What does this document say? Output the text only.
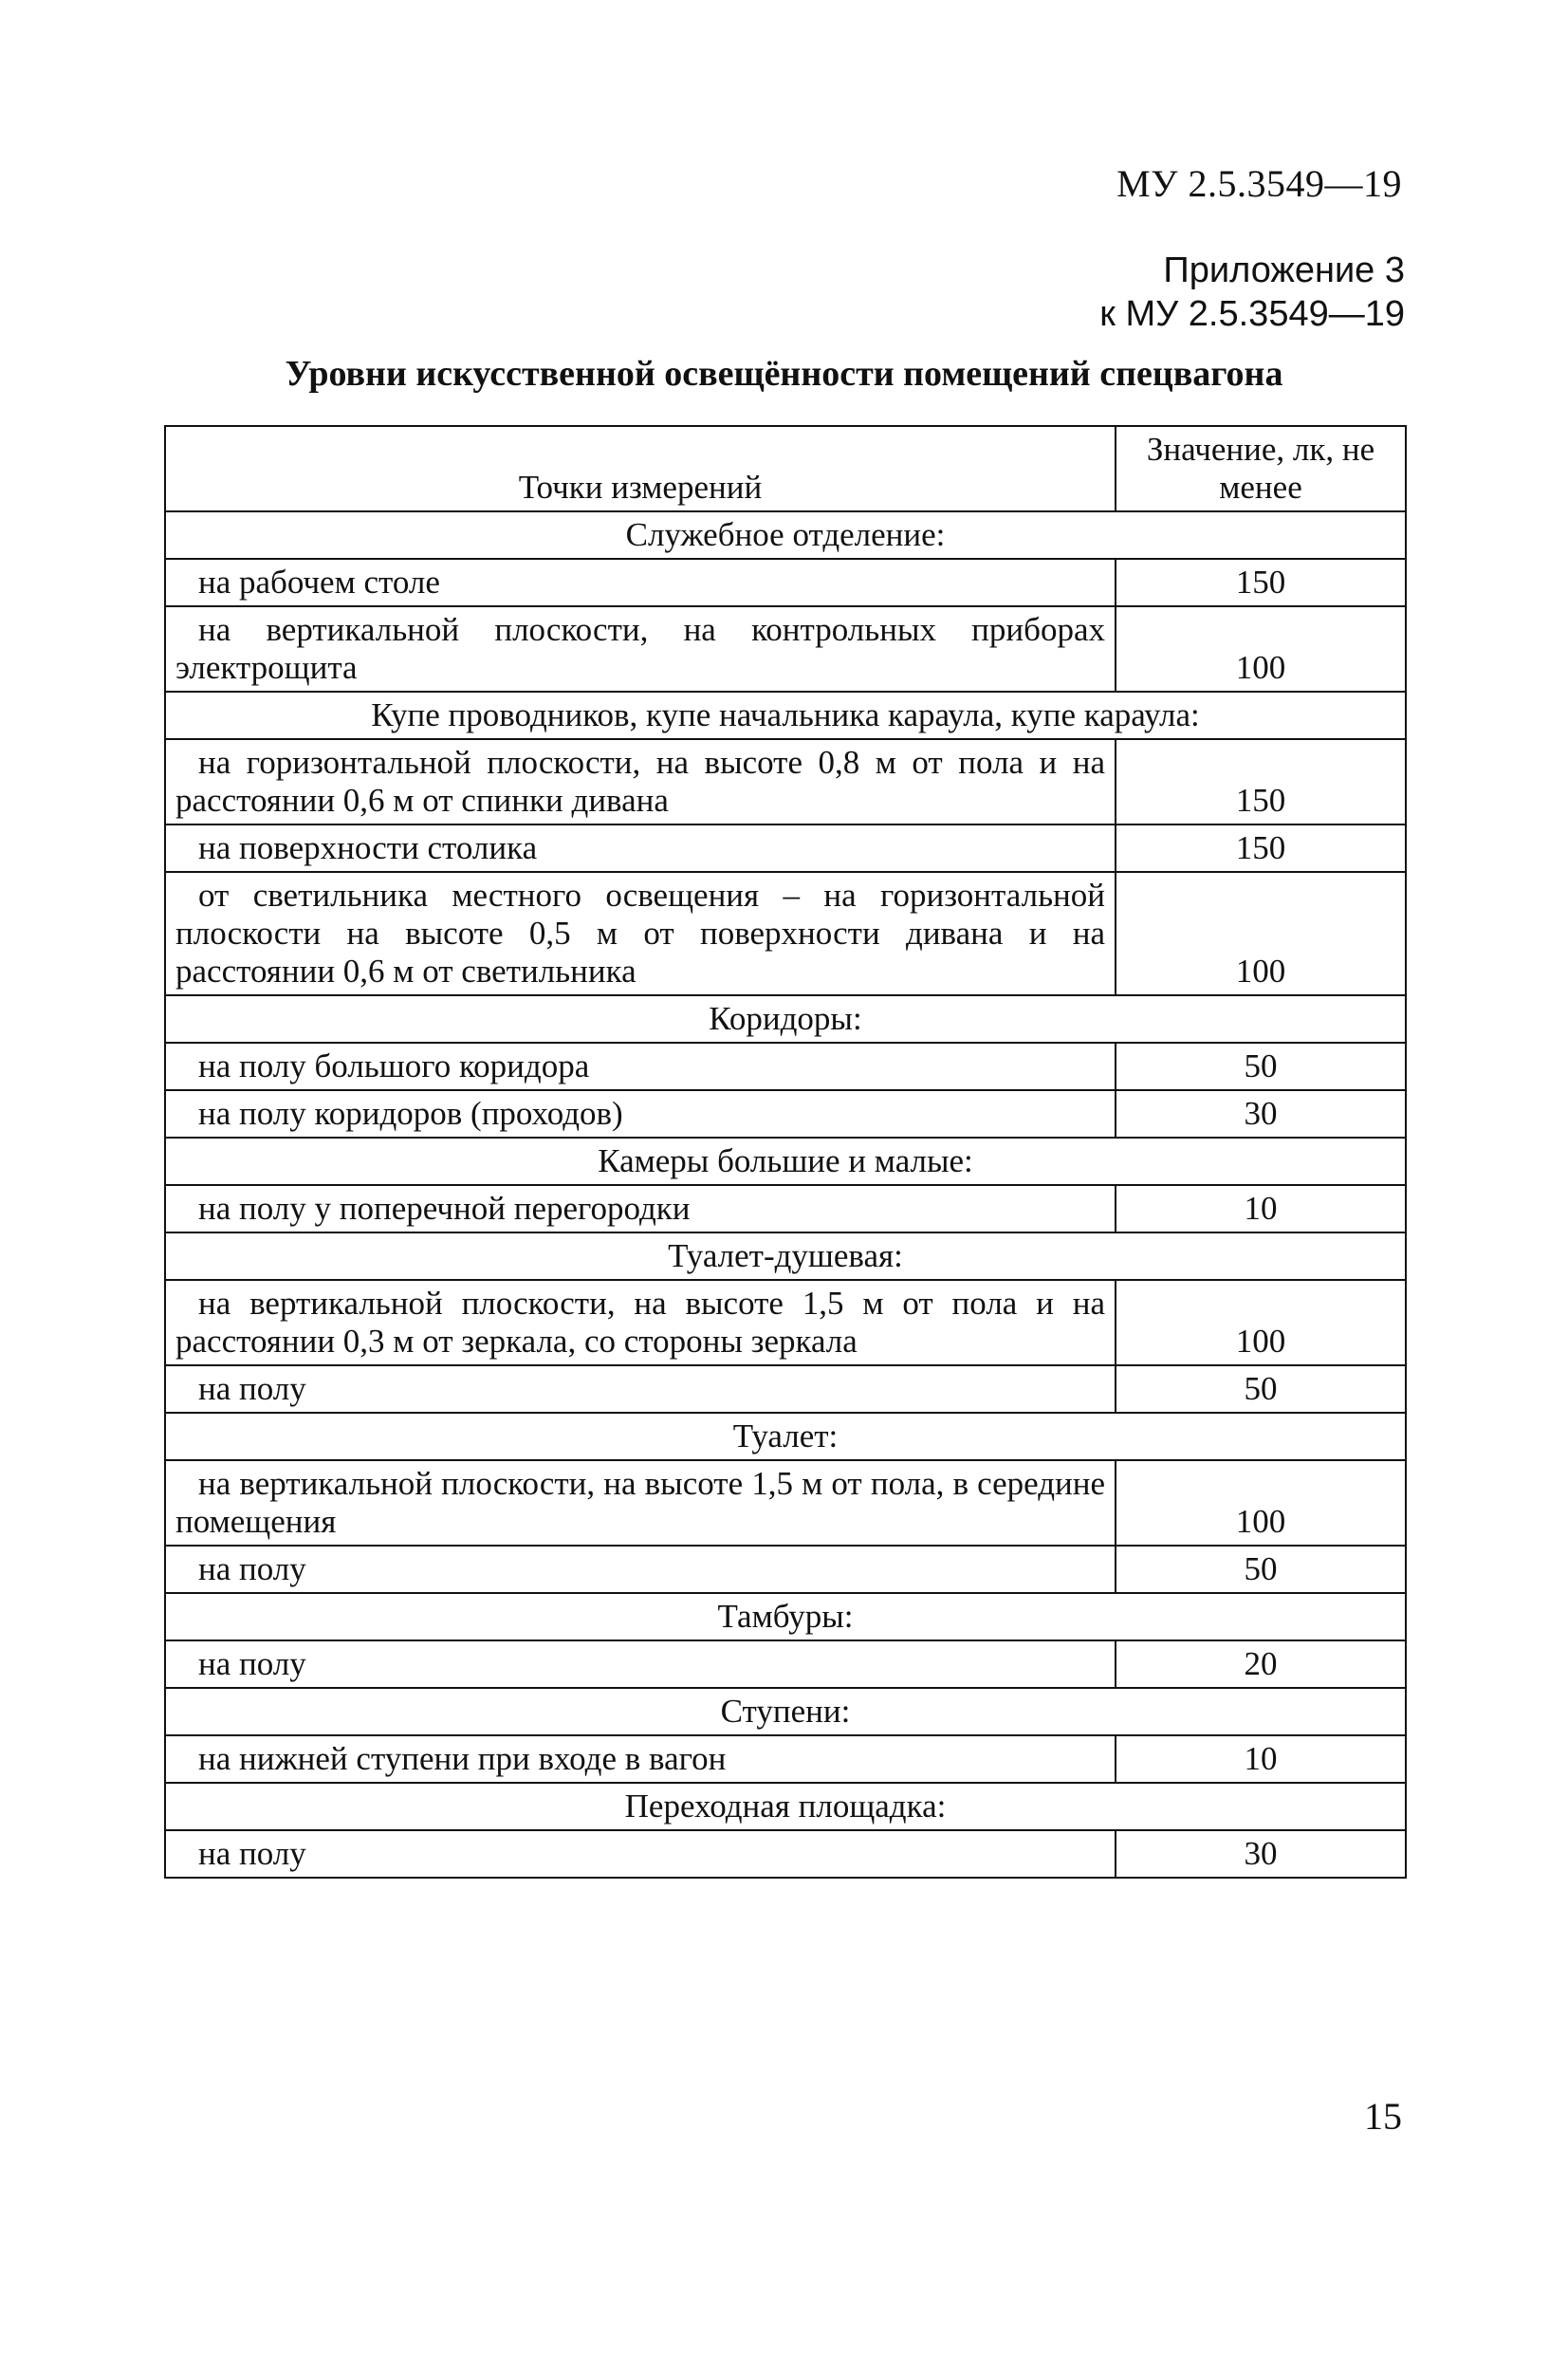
МУ 2.5.3549—19
Приложение 3
к МУ 2.5.3549—19
Уровни искусственной освещённости помещений спецвагона
Точки измерений	Значение, лк, не менее
Служебное отделение:	
на рабочем столе	150
на вертикальной плоскости, на контрольных приборах электрощита	100
Купе проводников, купе начальника караула, купе караула:	
на горизонтальной плоскости, на высоте 0,8 м от пола и на расстоянии 0,6 м от спинки дивана	150
на поверхности столика	150
от светильника местного освещения – на горизонтальной плоскости на высоте 0,5 м от поверхности дивана и на расстоянии 0,6 м от светильника	100
Коридоры:	
на полу большого коридора	50
на полу коридоров (проходов)	30
Камеры большие и малые:	
на полу у поперечной перегородки	10
Туалет-душевая:	
на вертикальной плоскости, на высоте 1,5 м от пола и на расстоянии 0,3 м от зеркала, со стороны зеркала	100
на полу	50
Туалет:	
на вертикальной плоскости, на высоте 1,5 м от пола, в середине помещения	100
на полу	50
Тамбуры:	
на полу	20
Ступени:	
на нижней ступени при входе в вагон	10
Переходная площадка:	
на полу	30
15
